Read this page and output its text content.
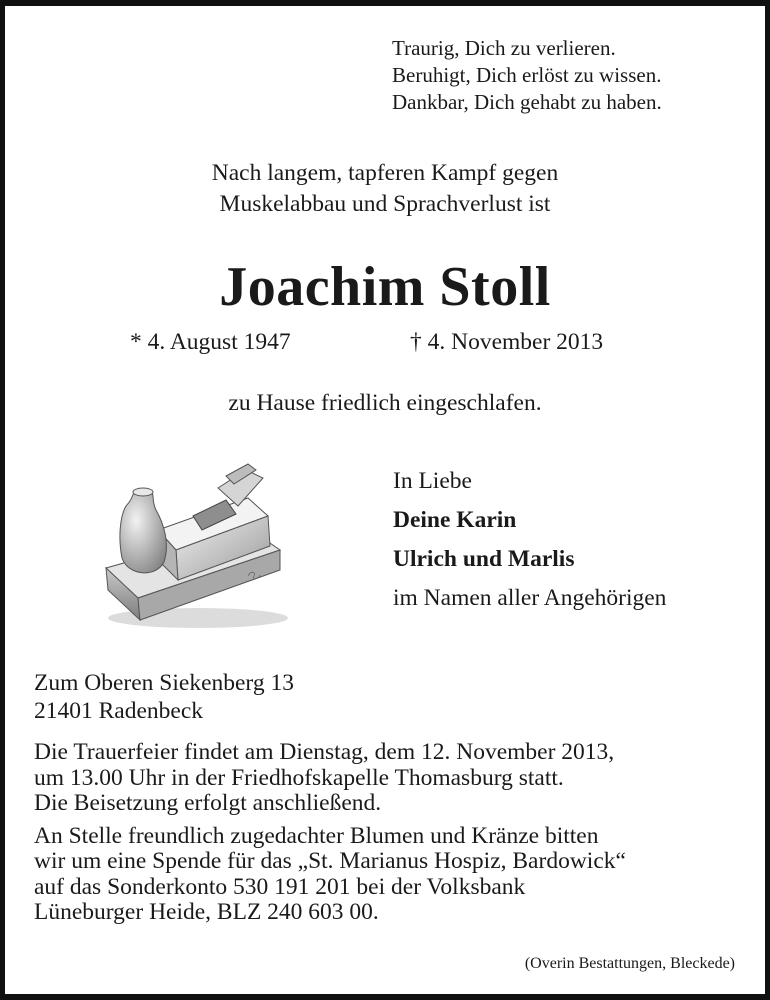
Traurig, Dich zu verlieren.
Beruhigt, Dich erlöst zu wissen.
Dankbar, Dich gehabt zu haben.
Nach langem, tapferen Kampf gegen
Muskelabbau und Sprachverlust ist
Joachim Stoll
* 4. August 1947	† 4. November 2013
zu Hause friedlich eingeschlafen.
In Liebe
Deine Karin
Ulrich und Marlis
im Namen aller Angehörigen
Zum Oberen Siekenberg 13
21401 Radenbeck
Die Trauerfeier findet am Dienstag, dem 12. November 2013,
um 13.00 Uhr in der Friedhofskapelle Thomasburg statt.
Die Beisetzung erfolgt anschließend.
An Stelle freundlich zugedachter Blumen und Kränze bitten
wir um eine Spende für das „St. Marianus Hospiz, Bardowick“
auf das Sonderkonto 530 191 201 bei der Volksbank
Lüneburger Heide, BLZ 240 603 00.
(Overin Bestattungen, Bleckede)
